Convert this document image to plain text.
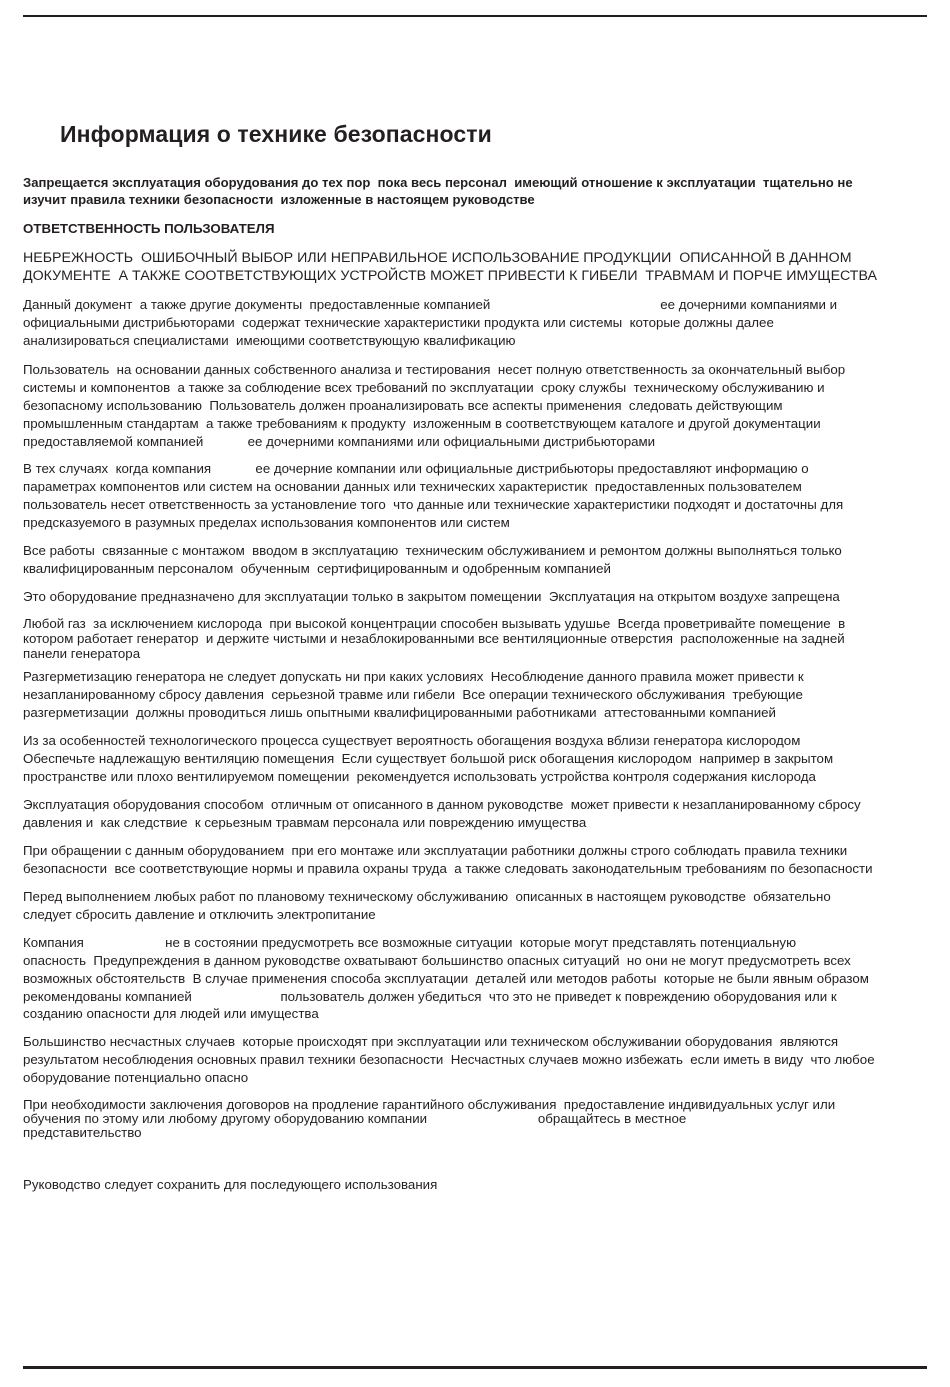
Информация о технике безопасности
Запрещается эксплуатация оборудования до тех пор  пока весь персонал  имеющий отношение к эксплуатации  тщательно не
изучит правила техники безопасности  изложенные в настоящем руководстве
ОТВЕТСТВЕННОСТЬ ПОЛЬЗОВАТЕЛЯ
НЕБРЕЖНОСТЬ  ОШИБОЧНЫЙ ВЫБОР ИЛИ НЕПРАВИЛЬНОЕ ИСПОЛЬЗОВАНИЕ ПРОДУКЦИИ  ОПИСАННОЙ В ДАННОМ
ДОКУМЕНТЕ  А ТАКЖЕ СООТВЕТСТВУЮЩИХ УСТРОЙСТВ МОЖЕТ ПРИВЕСТИ К ГИБЕЛИ  ТРАВМАМ И ПОРЧЕ ИМУЩЕСТВА
Данный документ  а также другие документы  предоставленные компанией                                              ее дочерними компаниями и
официальными дистрибьюторами  содержат технические характеристики продукта или системы  которые должны далее
анализироваться специалистами  имеющими соответствующую квалификацию
Пользователь  на основании данных собственного анализа и тестирования  несет полную ответственность за окончательный выбор
системы и компонентов  а также за соблюдение всех требований по эксплуатации  сроку службы  техническому обслуживанию и
безопасному использованию  Пользователь должен проанализировать все аспекты применения  следовать действующим
промышленным стандартам  а также требованиям к продукту  изложенным в соответствующем каталоге и другой документации
предоставляемой компанией            ее дочерними компаниями или официальными дистрибьюторами
В тех случаях  когда компания            ее дочерние компании или официальные дистрибьюторы предоставляют информацию о
параметрах компонентов или систем на основании данных или технических характеристик  предоставленных пользователем
пользователь несет ответственность за установление того  что данные или технические характеристики подходят и достаточны для
предсказуемого в разумных пределах использования компонентов или систем
Все работы  связанные с монтажом  вводом в эксплуатацию  техническим обслуживанием и ремонтом должны выполняться только
квалифицированным персоналом  обученным  сертифицированным и одобренным компанией
Это оборудование предназначено для эксплуатации только в закрытом помещении  Эксплуатация на открытом воздухе запрещена
Любой газ  за исключением кислорода  при высокой концентрации способен вызывать удушье  Всегда проветривайте помещение  в
котором работает генератор  и держите чистыми и незаблокированными все вентиляционные отверстия  расположенные на задней
панели генератора
Разгерметизацию генератора не следует допускать ни при каких условиях  Несоблюдение данного правила может привести к
незапланированному сбросу давления  серьезной травме или гибели  Все операции технического обслуживания  требующие
разгерметизации  должны проводиться лишь опытными квалифицированными работниками  аттестованными компанией
Из за особенностей технологического процесса существует вероятность обогащения воздуха вблизи генератора кислородом
Обеспечьте надлежащую вентиляцию помещения  Если существует большой риск обогащения кислородом  например в закрытом
пространстве или плохо вентилируемом помещении  рекомендуется использовать устройства контроля содержания кислорода
Эксплуатация оборудования способом  отличным от описанного в данном руководстве  может привести к незапланированному сбросу
давления и  как следствие  к серьезным травмам персонала или повреждению имущества
При обращении с данным оборудованием  при его монтаже или эксплуатации работники должны строго соблюдать правила техники
безопасности  все соответствующие нормы и правила охраны труда  а также следовать законодательным требованиям по безопасности
Перед выполнением любых работ по плановому техническому обслуживанию  описанных в настоящем руководстве  обязательно
следует сбросить давление и отключить электропитание
Компания                      не в состоянии предусмотреть все возможные ситуации  которые могут представлять потенциальную
опасность  Предупреждения в данном руководстве охватывают большинство опасных ситуаций  но они не могут предусмотреть всех
возможных обстоятельств  В случае применения способа эксплуатации  деталей или методов работы  которые не были явным образом
рекомендованы компанией                        пользователь должен убедиться  что это не приведет к повреждению оборудования или к
созданию опасности для людей или имущества
Большинство несчастных случаев  которые происходят при эксплуатации или техническом обслуживании оборудования  являются
результатом несоблюдения основных правил техники безопасности  Несчастных случаев можно избежать  если иметь в виду  что любое
оборудование потенциально опасно
При необходимости заключения договоров на продление гарантийного обслуживания  предоставление индивидуальных услуг или
обучения по этому или любому другому оборудованию компании                              обращайтесь в местное
представительство
Руководство следует сохранить для последующего использования
